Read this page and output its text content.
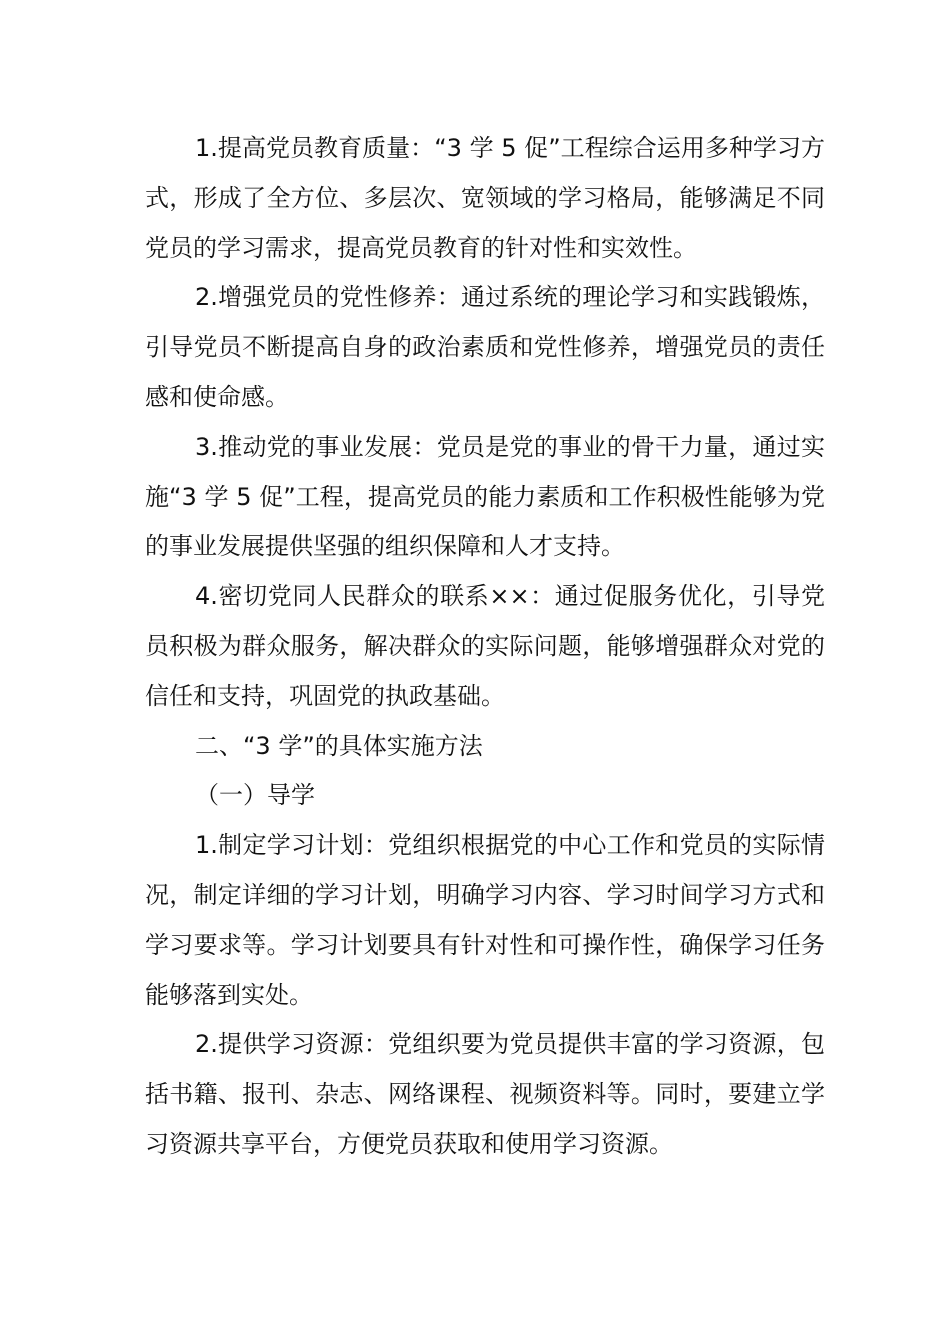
1.提高党员教育质量：“3 学 5 促”工程综合运用多种学习方式，形成了全方位、多层次、宽领域的学习格局，能够满足不同党员的学习需求，提高党员教育的针对性和实效性。

2.增强党员的党性修养：通过系统的理论学习和实践锻炼，引导党员不断提高自身的政治素质和党性修养，增强党员的责任感和使命感。

3.推动党的事业发展：党员是党的事业的骨干力量，通过实施“3 学 5 促”工程，提高党员的能力素质和工作积极性能够为党的事业发展提供坚强的组织保障和人才支持。

4.密切党同人民群众的联系××：通过促服务优化，引导党员积极为群众服务，解决群众的实际问题，能够增强群众对党的信任和支持，巩固党的执政基础。

二、“3 学”的具体实施方法

（一）导学

1.制定学习计划：党组织根据党的中心工作和党员的实际情况，制定详细的学习计划，明确学习内容、学习时间学习方式和学习要求等。学习计划要具有针对性和可操作性，确保学习任务能够落到实处。

2.提供学习资源：党组织要为党员提供丰富的学习资源，包括书籍、报刊、杂志、网络课程、视频资料等。同时，要建立学习资源共享平台，方便党员获取和使用学习资源。
